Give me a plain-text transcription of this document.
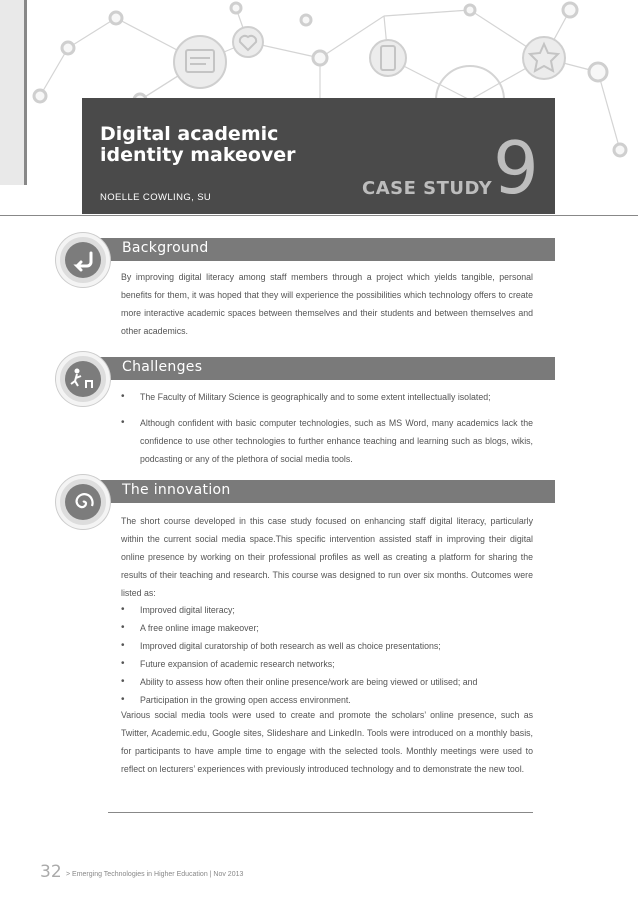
Digital academic
identity makeover
NOELLE COWLING, SU	CASE STUDY 9
Background
By improving digital literacy among staff members through a project which yields tangible, personal benefits for them, it was hoped that they will experience the possibilities which technology offers to create more interactive academic spaces between themselves and their students and between themselves and other academics.
Challenges
• The Faculty of Military Science is geographically and to some extent intellectually isolated;
• Although confident with basic computer technologies, such as MS Word, many academics lack the confidence to use other technologies to further enhance teaching and learning such as blogs, wikis, podcasting or any of the plethora of social media tools.
The innovation
The short course developed in this case study focused on enhancing staff digital literacy, particularly within the current social media space.This specific intervention assisted staff in improving their digital online presence by working on their professional profiles as well as creating a platform for sharing the results of their teaching and research. This course was designed to run over six months. Outcomes were listed as:
• Improved digital literacy;
• A free online image makeover;
• Improved digital curatorship of both research as well as choice presentations;
• Future expansion of academic research networks;
• Ability to assess how often their online presence/work are being viewed or utilised; and
• Participation in the growing open access environment.
Various social media tools were used to create and promote the scholars’ online presence, such as Twitter, Academic.edu, Google sites, Slideshare and LinkedIn. Tools were introduced on a monthly basis, for participants to have ample time to engage with the selected tools. Monthly meetings were used to reflect on lecturers’ experiences with previously introduced technology and to demonstrate the new tool.
32 > Emerging Technologies in Higher Education | Nov 2013
